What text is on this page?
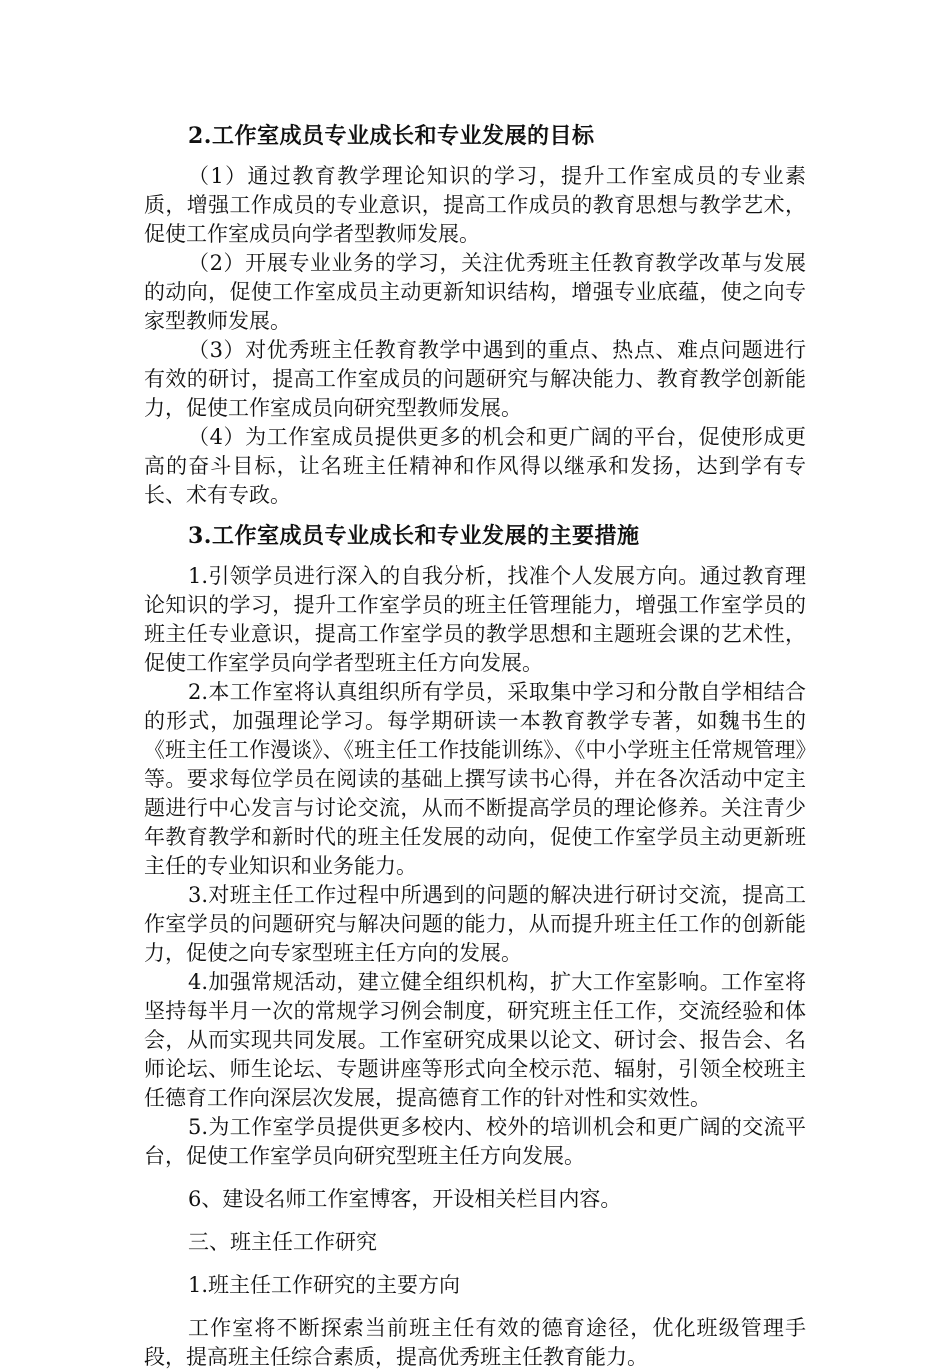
2.工作室成员专业成长和专业发展的目标

（1）通过教育教学理论知识的学习，提升工作室成员的专业素质，增强工作成员的专业意识，提高工作成员的教育思想与教学艺术，促使工作室成员向学者型教师发展。

（2）开展专业业务的学习，关注优秀班主任教育教学改革与发展的动向，促使工作室成员主动更新知识结构，增强专业底蕴，使之向专家型教师发展。

（3）对优秀班主任教育教学中遇到的重点、热点、难点问题进行有效的研讨，提高工作室成员的问题研究与解决能力、教育教学创新能力，促使工作室成员向研究型教师发展。

（4）为工作室成员提供更多的机会和更广阔的平台，促使形成更高的奋斗目标，让名班主任精神和作风得以继承和发扬，达到学有专长、术有专政。

3.工作室成员专业成长和专业发展的主要措施

1.引领学员进行深入的自我分析，找准个人发展方向。通过教育理论知识的学习，提升工作室学员的班主任管理能力，增强工作室学员的班主任专业意识，提高工作室学员的教学思想和主题班会课的艺术性，促使工作室学员向学者型班主任方向发展。

2.本工作室将认真组织所有学员，采取集中学习和分散自学相结合的形式，加强理论学习。每学期研读一本教育教学专著，如魏书生的《班主任工作漫谈》、《班主任工作技能训练》、《中小学班主任常规管理》等。要求每位学员在阅读的基础上撰写读书心得，并在各次活动中定主题进行中心发言与讨论交流，从而不断提高学员的理论修养。关注青少年教育教学和新时代的班主任发展的动向，促使工作室学员主动更新班主任的专业知识和业务能力。

3.对班主任工作过程中所遇到的问题的解决进行研讨交流，提高工作室学员的问题研究与解决问题的能力，从而提升班主任工作的创新能力，促使之向专家型班主任方向的发展。

4.加强常规活动，建立健全组织机构，扩大工作室影响。工作室将坚持每半月一次的常规学习例会制度，研究班主任工作，交流经验和体会，从而实现共同发展。工作室研究成果以论文、研讨会、报告会、名师论坛、师生论坛、专题讲座等形式向全校示范、辐射，引领全校班主任德育工作向深层次发展，提高德育工作的针对性和实效性。

5.为工作室学员提供更多校内、校外的培训机会和更广阔的交流平台，促使工作室学员向研究型班主任方向发展。

6、建设名师工作室博客，开设相关栏目内容。

三、班主任工作研究

1.班主任工作研究的主要方向

工作室将不断探索当前班主任有效的德育途径，优化班级管理手段，提高班主任综合素质，提高优秀班主任教育能力。
